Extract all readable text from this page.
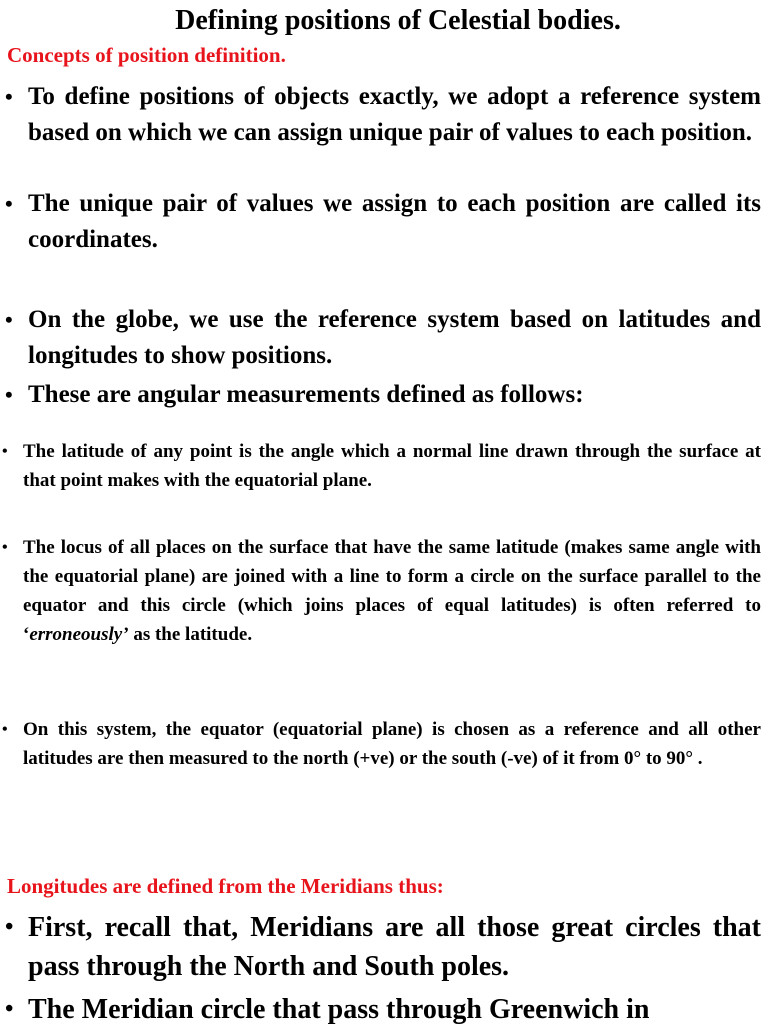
Defining positions of Celestial bodies.

Concepts of position definition.

• To define positions of objects exactly, we adopt a reference system based on which we can assign unique pair of values to each position.
• The unique pair of values we assign to each position are called its coordinates.
• On the globe, we use the reference system based on latitudes and longitudes to show positions.
• These are angular measurements defined as follows:
• The latitude of any point is the angle which a normal line drawn through the surface at that point makes with the equatorial plane.
• The locus of all places on the surface that have the same latitude (makes same angle with the equatorial plane) are joined with a line to form a circle on the surface parallel to the equator and this circle (which joins places of equal latitudes) is often referred to ‘erroneously’ as the latitude.
• On this system, the equator (equatorial plane) is chosen as a reference and all other latitudes are then measured to the north (+ve) or the south (-ve) of it from 0° to 90° .

Longitudes are defined from the Meridians thus:

• First, recall that, Meridians are all those great circles that pass through the North and South poles.
• The Meridian circle that pass through Greenwich in
